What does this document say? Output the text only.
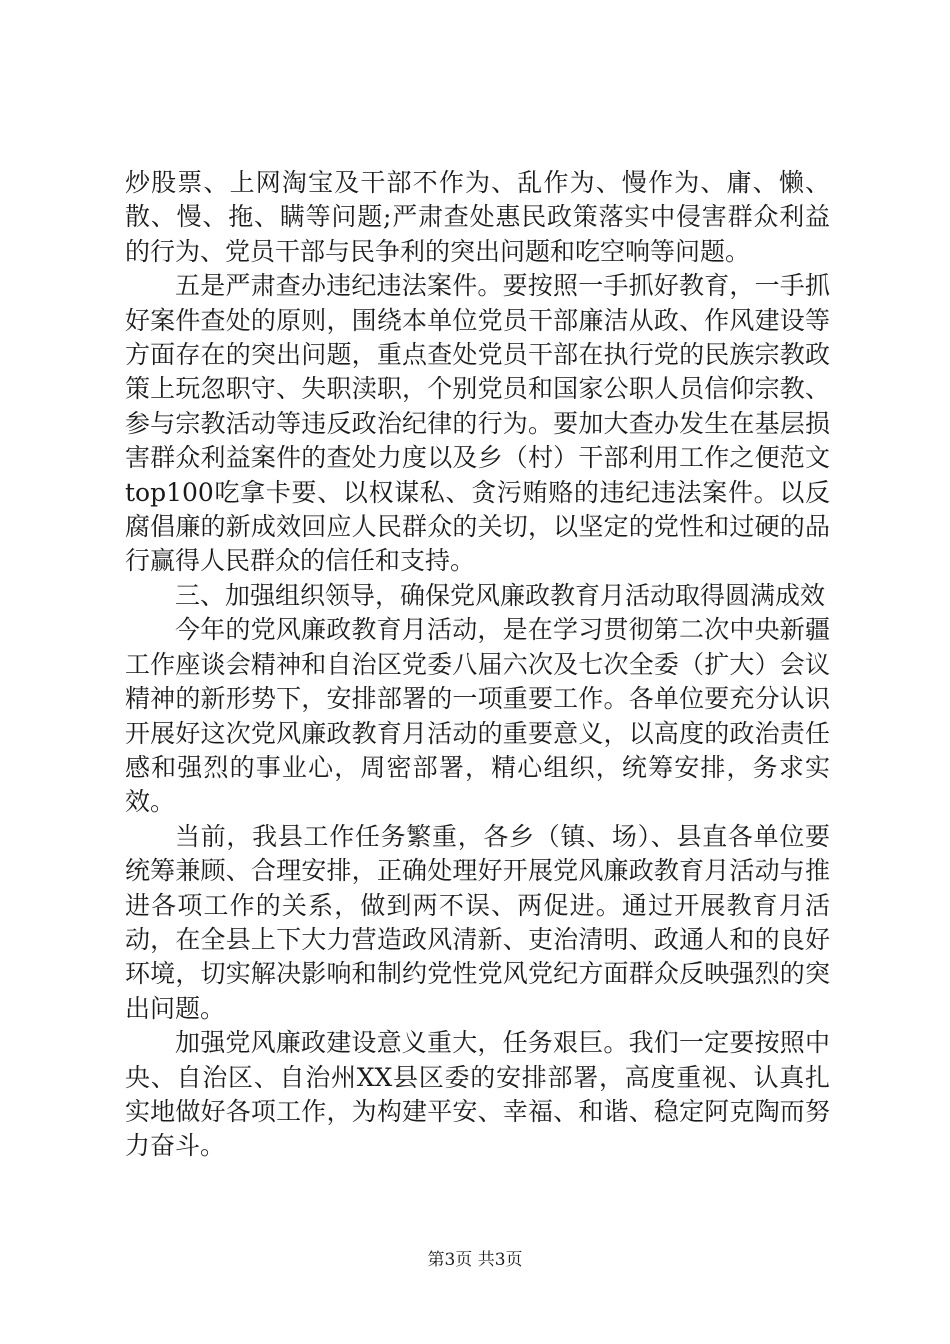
炒股票、上网淘宝及干部不作为、乱作为、慢作为、庸、懒、散、慢、拖、瞒等问题;严肃查处惠民政策落实中侵害群众利益的行为、党员干部与民争利的突出问题和吃空响等问题。

五是严肃查办违纪违法案件。要按照一手抓好教育，一手抓好案件查处的原则，围绕本单位党员干部廉洁从政、作风建设等方面存在的突出问题，重点查处党员干部在执行党的民族宗教政策上玩忽职守、失职渎职，个别党员和国家公职人员信仰宗教、参与宗教活动等违反政治纪律的行为。要加大查办发生在基层损害群众利益案件的查处力度以及乡（村）干部利用工作之便范文top100吃拿卡要、以权谋私、贪污贿赂的违纪违法案件。以反腐倡廉的新成效回应人民群众的关切，以坚定的党性和过硬的品行赢得人民群众的信任和支持。

三、加强组织领导，确保党风廉政教育月活动取得圆满成效

今年的党风廉政教育月活动，是在学习贯彻第二次中央新疆工作座谈会精神和自治区党委八届六次及七次全委（扩大）会议精神的新形势下，安排部署的一项重要工作。各单位要充分认识开展好这次党风廉政教育月活动的重要意义，以高度的政治责任感和强烈的事业心，周密部署，精心组织，统筹安排，务求实效。

当前，我县工作任务繁重，各乡（镇、场）、县直各单位要统筹兼顾、合理安排，正确处理好开展党风廉政教育月活动与推进各项工作的关系，做到两不误、两促进。通过开展教育月活动，在全县上下大力营造政风清新、吏治清明、政通人和的良好环境，切实解决影响和制约党性党风党纪方面群众反映强烈的突出问题。

加强党风廉政建设意义重大，任务艰巨。我们一定要按照中央、自治区、自治州XX县区委的安排部署，高度重视、认真扎实地做好各项工作，为构建平安、幸福、和谐、稳定阿克陶而努力奋斗。

第3页 共3页
